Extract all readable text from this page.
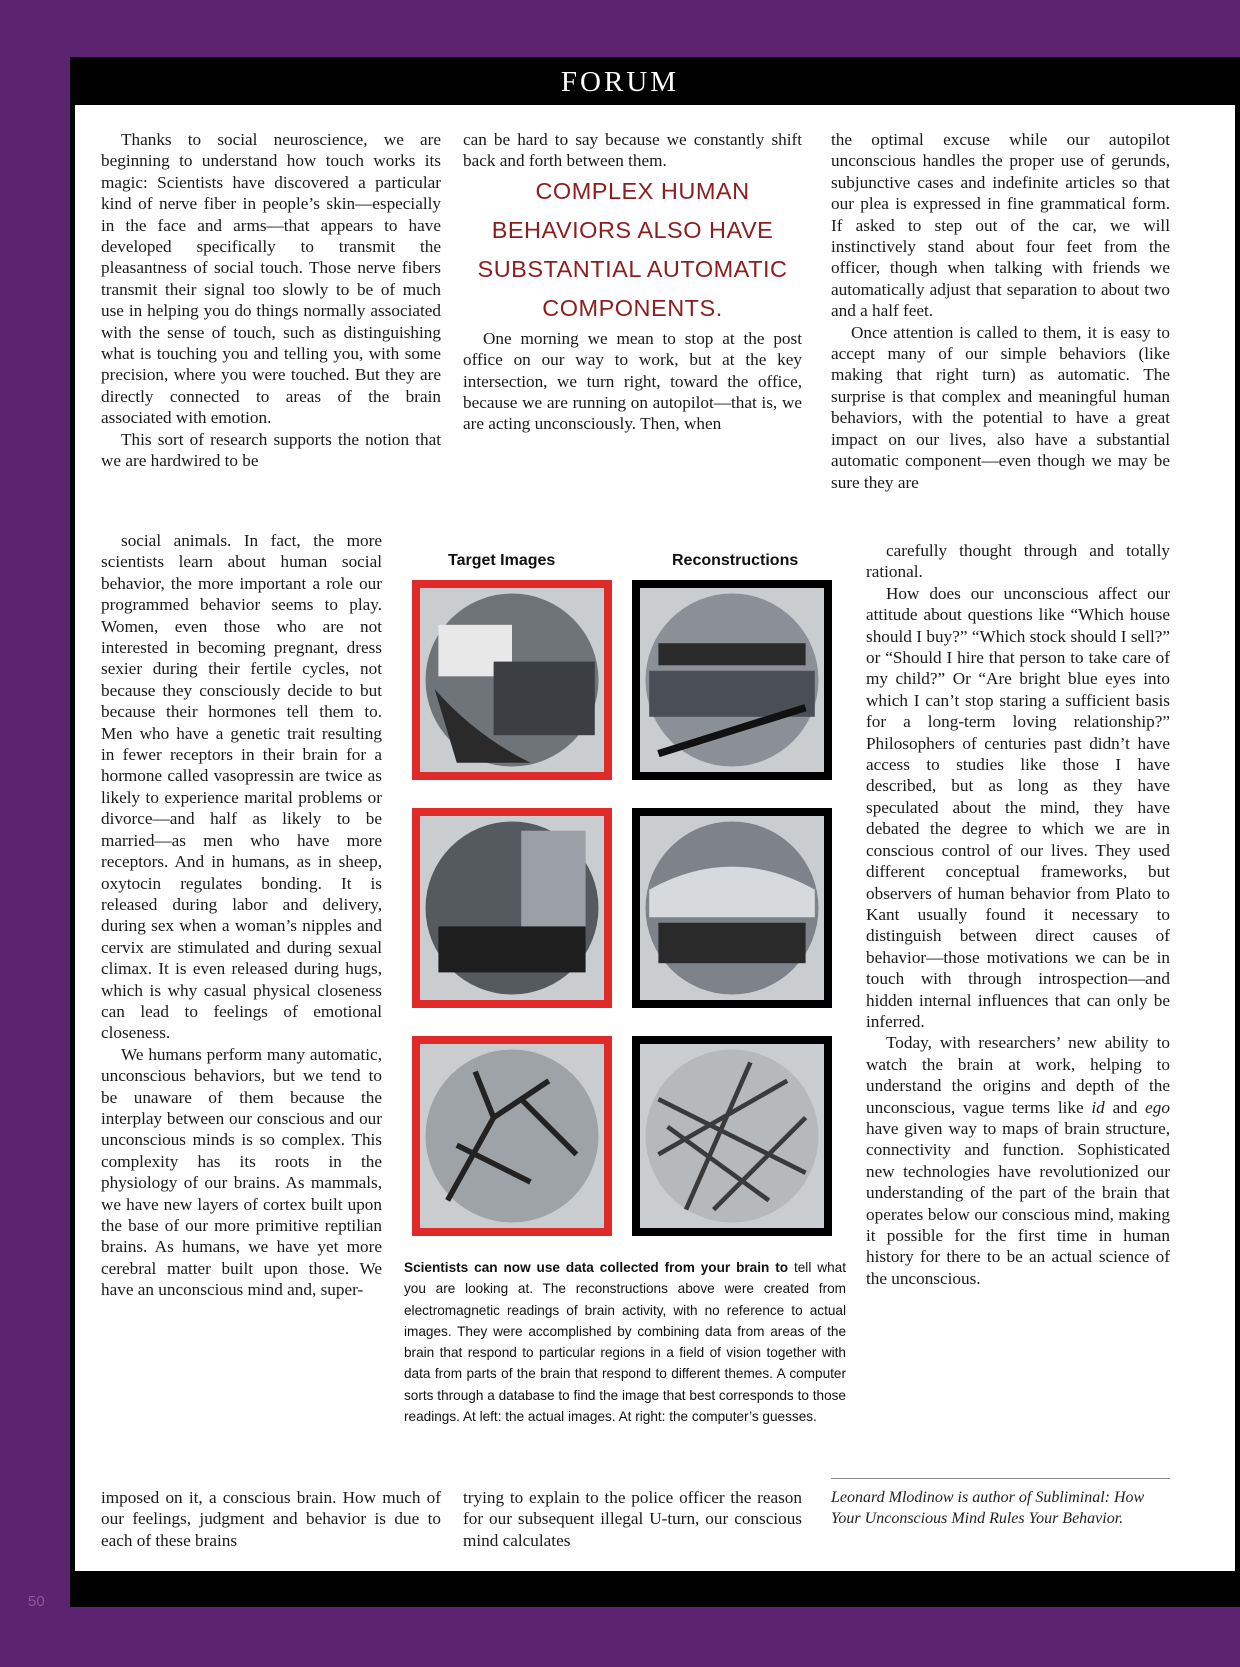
FORUM

Thanks to social neuroscience, we are beginning to understand how touch works its magic: Scientists have discovered a particular kind of nerve fiber in people’s skin—especially in the face and arms—that appears to have developed specifically to transmit the pleasantness of social touch. Those nerve fibers transmit their signal too slowly to be of much use in helping you do things normally associated with the sense of touch, such as distinguishing what is touching you and telling you, with some precision, where you were touched. But they are directly connected to areas of the brain associated with emotion.

This sort of research supports the notion that we are hardwired to be

social animals. In fact, the more scientists learn about human social behavior, the more important a role our programmed behavior seems to play. Women, even those who are not interested in becoming pregnant, dress sexier during their fertile cycles, not because they consciously decide to but because their hormones tell them to. Men who have a genetic trait resulting in fewer receptors in their brain for a hormone called vasopressin are twice as likely to experience marital problems or divorce—and half as likely to be married—as men who have more receptors. And in humans, as in sheep, oxytocin regulates bonding. It is released during labor and delivery, during sex when a woman’s nipples and cervix are stimulated and during sexual climax. It is even released during hugs, which is why casual physical closeness can lead to feelings of emotional closeness.

We humans perform many automatic, unconscious behaviors, but we tend to be unaware of them because the interplay between our conscious and our unconscious minds is so complex. This complexity has its roots in the physiology of our brains. As mammals, we have new layers of cortex built upon the base of our more primitive reptilian brains. As humans, we have yet more cerebral matter built upon those. We have an unconscious mind and, super-

imposed on it, a conscious brain. How much of our feelings, judgment and behavior is due to each of these brains

can be hard to say because we constantly shift back and forth between them.

COMPLEX HUMAN BEHAVIORS ALSO HAVE SUBSTANTIAL AUTOMATIC COMPONENTS.

One morning we mean to stop at the post office on our way to work, but at the key intersection, we turn right, toward the office, because we are running on autopilot—that is, we are acting unconsciously. Then, when

trying to explain to the police officer the reason for our subsequent illegal U-turn, our conscious mind calculates

the optimal excuse while our autopilot unconscious handles the proper use of gerunds, subjunctive cases and indefinite articles so that our plea is expressed in fine grammatical form. If asked to step out of the car, we will instinctively stand about four feet from the officer, though when talking with friends we automatically adjust that separation to about two and a half feet.

Once attention is called to them, it is easy to accept many of our simple behaviors (like making that right turn) as automatic. The surprise is that complex and meaningful human behaviors, with the potential to have a great impact on our lives, also have a substantial automatic component—even though we may be sure they are

carefully thought through and totally rational.

How does our unconscious affect our attitude about questions like “Which house should I buy?” “Which stock should I sell?” or “Should I hire that person to take care of my child?” Or “Are bright blue eyes into which I can’t stop staring a sufficient basis for a long-term loving relationship?” Philosophers of centuries past didn’t have access to studies like those I have described, but as long as they have speculated about the mind, they have debated the degree to which we are in conscious control of our lives. They used different conceptual frameworks, but observers of human behavior from Plato to Kant usually found it necessary to distinguish between direct causes of behavior—those motivations we can be in touch with through introspection—and hidden internal influences that can only be inferred.

Today, with researchers’ new ability to watch the brain at work, helping to understand the origins and depth of the unconscious, vague terms like id and ego have given way to maps of brain structure, connectivity and function. Sophisticated new technologies have revolutionized our understanding of the part of the brain that operates below our conscious mind, making it possible for the first time in human history for there to be an actual science of the unconscious.

Leonard Mlodinow is author of Subliminal: How Your Unconscious Mind Rules Your Behavior.
Target Images	Reconstructions
Scientists can now use data collected from your brain to tell what you are looking at. The reconstructions above were created from electromagnetic readings of brain activity, with no reference to actual images. They were accomplished by combining data from areas of the brain that respond to particular regions in a field of vision together with data from parts of the brain that respond to different themes. A computer sorts through a database to find the image that best corresponds to those readings. At left: the actual images. At right: the computer’s guesses.
50
